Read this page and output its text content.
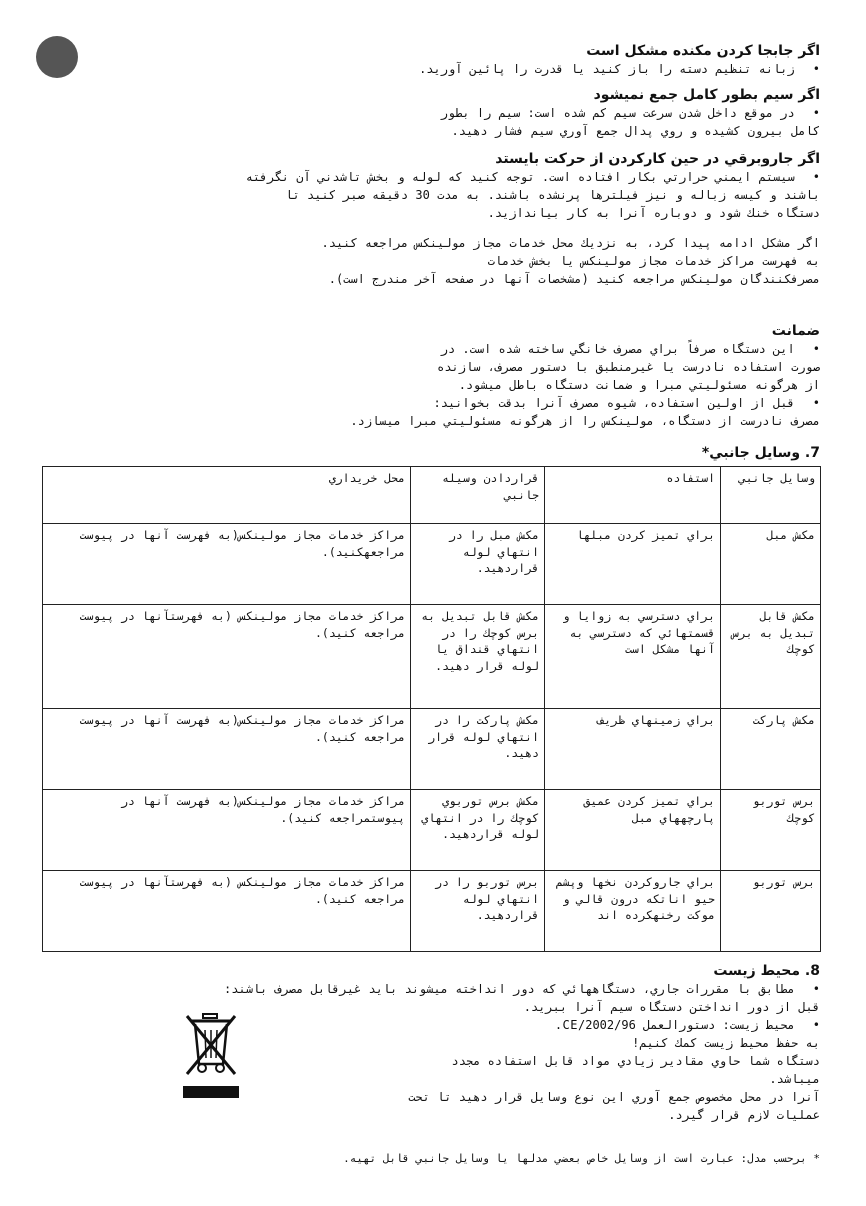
اگر جابجا کردن مکنده مشکل است

• زبانه تنظیم دسته را باز کنید یا قدرت را پائین آورید.

اگر سیم بطور کامل جمع نمیشود

• در موقع داخل شدن سرعت سیم کم شده است: سیم را بطور

کامل بیرون کشیده و روي پدال جمع آوري سیم فشار دهید.

اگر جاروبرقي در حین کارکردن از حرکت بایستد

• سیستم ایمني حرارتي بکار افتاده است. توجه کنید که لوله و بخش تاشدني آن نگرفته

باشند و کیسه زباله و نیز فیلترها پرنشده باشند. به مدت 30 دقیقه صبر کنید تا

دستگاه خنك شود و دوباره آنرا به کار بیاندازید.

اگر مشکل ادامه پیدا کرد، به نزدیك محل خدمات مجاز مولینکس مراجعه کنید.

به فهرست مراکز خدمات مجاز مولینکس یا بخش خدمات

مصرفکنندگان مولینکس مراجعه کنید (مشخصات آنها در صفحه آخر مندرج است).

ضمانت

• این دستگاه صرفاً براي مصرف خانگي ساخته شده است. در

صورت استفاده نادرست یا غیرمنطبق با دستور مصرف، سازنده

از هرگونه مسئولیتي مبرا و ضمانت دستگاه باطل ميشود.

• قبل از اولین استفاده، شیوه مصرف آنرا بدقت بخوانید:

مصرف نادرست از دستگاه، مولینکس را از هرگونه مسئولیتي مبرا ميسازد.

7. وسایل جانبي*

وسایل جانبي	استفاده	قراردادن وسیله جانبي	محل خریداري
مکش مبل	براي تمیز کردن مبلها	مکش مبل را در انتهاي لوله قراردهید.	مراکز خدمات مجاز مولینکس(به فهرست آنها در پیوست مراجعهکنید).
مکش قابل تبدیل به برس کوچك	براي دسترسي به زوایا و قسمتهائي که دسترسي به آنها مشکل است	مکش قابل تبدیل به برس کوچك را در انتهاي قنداق یا لوله قرار دهید.	مراکز خدمات مجاز مولینکس (به فهرستآنها در پیوست مراجعه کنید).
مکش پارکت	براي زمینهاي ظریف	مکش پارکت را در انتهاي لوله قرار دهید.	مراکز خدمات مجاز مولینکس(به فهرست آنها در پیوست مراجعه کنید).
برس توربو کوچك	براي تمیز کردن عمیق پارچههاي مبل	مکش برس توربوي کوچك را در انتهاي لوله قراردهید.	مراکز خدمات مجاز مولینکس(به فهرست آنها در پیوستمراجعه کنید).
برس توربو	براي جاروکردن نخها وپشم حیو اناتکه درون قالي و موکت رخنهکرده اند	برس توربو را در انتهاي لوله قراردهید.	مراکز خدمات مجاز مولینکس (به فهرستآنها در پیوست مراجعه کنید).

8. محیط زیست

• مطابق با مقررات جاري، دستگاههائي که دور انداخته ميشوند باید غیرقابل مصرف باشند:

قبل از دور انداختن دستگاه سیم آنرا ببرید.

• محیط زیست: دستورالعمل 2002/96/CE.

به حفظ محیط زیست کمك کنیم!

دستگاه شما حاوي مقادیر زیادي مواد قابل استفاده مجدد

ميباشد.

آنرا در محل مخصوص جمع آوري این نوع وسایل قرار دهید تا تحت

عملیات لازم قرار گیرد.

* برحسب مدل: عبارت است از وسایل خاص بعضي مدلها یا وسایل جانبي قابل تهیه.
